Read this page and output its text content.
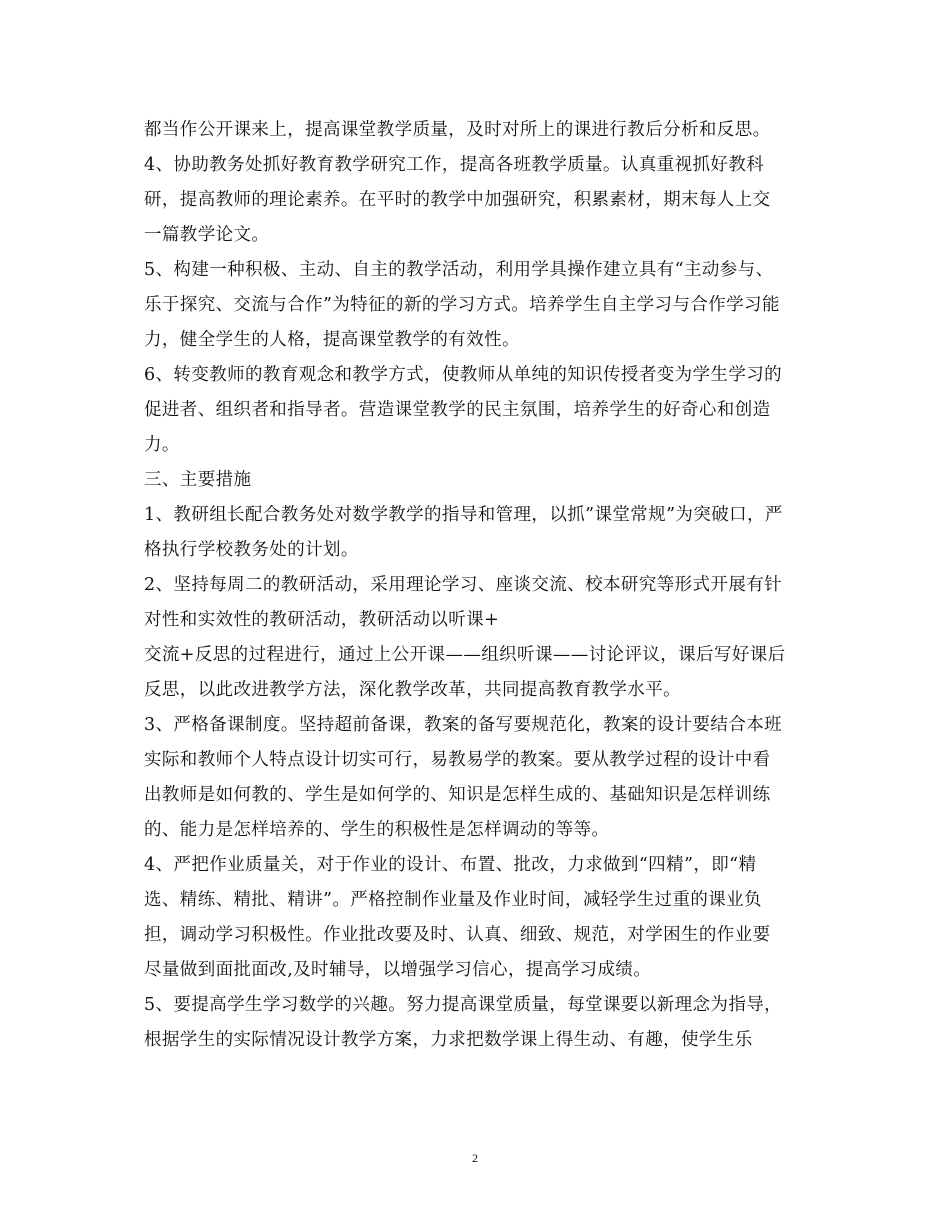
都当作公开课来上，提高课堂教学质量，及时对所上的课进行教后分析和反思。
4、协助教务处抓好教育教学研究工作，提高各班教学质量。认真重视抓好教科
研，提高教师的理论素养。在平时的教学中加强研究，积累素材，期末每人上交
一篇教学论文。
5、构建一种积极、主动、自主的教学活动，利用学具操作建立具有“主动参与、
乐于探究、交流与合作”为特征的新的学习方式。培养学生自主学习与合作学习能
力，健全学生的人格，提高课堂教学的有效性。
6、转变教师的教育观念和教学方式，使教师从单纯的知识传授者变为学生学习的
促进者、组织者和指导者。营造课堂教学的民主氛围，培养学生的好奇心和创造
力。
三、主要措施
1、教研组长配合教务处对数学教学的指导和管理，以抓”课堂常规”为突破口，严
格执行学校教务处的计划。
2、坚持每周二的教研活动，采用理论学习、座谈交流、校本研究等形式开展有针
对性和实效性的教研活动，教研活动以听课+
交流+反思的过程进行，通过上公开课——组织听课——讨论评议，课后写好课后
反思，以此改进教学方法，深化教学改革，共同提高教育教学水平。
3、严格备课制度。坚持超前备课，教案的备写要规范化，教案的设计要结合本班
实际和教师个人特点设计切实可行，易教易学的教案。要从教学过程的设计中看
出教师是如何教的、学生是如何学的、知识是怎样生成的、基础知识是怎样训练
的、能力是怎样培养的、学生的积极性是怎样调动的等等。
4、严把作业质量关，对于作业的设计、布置、批改，力求做到“四精”，即“精
选、精练、精批、精讲”。严格控制作业量及作业时间，减轻学生过重的课业负
担，调动学习积极性。作业批改要及时、认真、细致、规范，对学困生的作业要
尽量做到面批面改,及时辅导，以增强学习信心，提高学习成绩。
5、要提高学生学习数学的兴趣。努力提高课堂质量，每堂课要以新理念为指导，
根据学生的实际情况设计教学方案，力求把数学课上得生动、有趣，使学生乐
2
